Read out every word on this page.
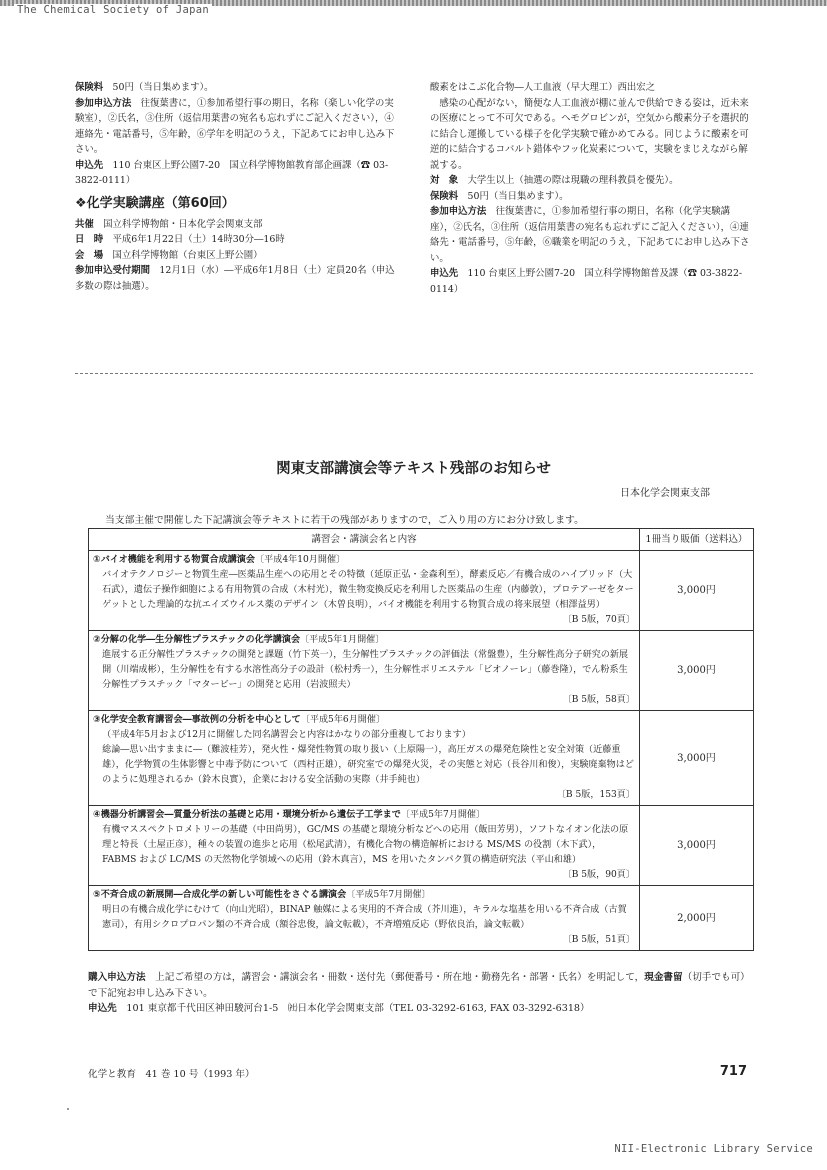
The Chemical Society of Japan

保険料　 50円（当日集めます）。

参加申込方法　 往復葉書に，①参加希望行事の期日，名称（楽しい化学の実験室），②氏名，③住所（返信用葉書の宛名も忘れずにご記入ください），④連絡先・電話番号，⑤年齢，⑥学年を明記のうえ，下記あてにお申し込み下さい。

申込先　 110 台東区上野公園7-20　国立科学博物館教育部企画課（☎ 03-3822-0111）

❖化学実験講座（第60回）

共催　 国立科学博物館・日本化学会関東支部

日　時　 平成6年1月22日（土）14時30分―16時

会　場　 国立科学博物館（台東区上野公園）

参加申込受付期間　 12月1日（水）―平成6年1月8日（土）定員20名（申込多数の際は抽選）。

酸素をはこぶ化合物―人工血液（早大理工）西出宏之

感染の心配がない，簡便な人工血液が棚に並んで供給できる姿は，近未来の医療にとって不可欠である。ヘモグロビンが，空気から酸素分子を選択的に結合し運搬している様子を化学実験で確かめてみる。同じように酸素を可逆的に結合するコバルト錯体やフッ化炭素について，実験をまじえながら解説する。

対　象　 大学生以上（抽選の際は現職の理科教員を優先）。

保険料　 50円（当日集めます）。

参加申込方法　 往復葉書に，①参加希望行事の期日，名称（化学実験講座），②氏名，③住所（返信用葉書の宛名も忘れずにご記入ください），④連絡先・電話番号，⑤年齢，⑥職業を明記のうえ，下記あてにお申し込み下さい。

申込先　 110 台東区上野公園7-20　国立科学博物館普及課（☎ 03-3822-0114）

関東支部講演会等テキスト残部のお知らせ
日本化学会関東支部
当支部主催で開催した下記講演会等テキストに若干の残部がありますので，ご入り用の方にお分け致します。
講習会・講演会名と内容	1冊当り販価（送料込）

①バイオ機能を利用する物質合成講演会〔平成4年10月開催〕
バイオテクノロジーと物質生産―医薬品生産への応用とその特徴（延原正弘・金森利至），酵素反応／有機合成のハイブリッド（大石武），遺伝子操作細胞による有用物質の合成（木村光），微生物変換反応を利用した医薬品の生産（内藤敦），プロテアーゼをターゲットとした理論的な抗エイズウイルス薬のデザイン（木曽良明），バイオ機能を利用する物質合成の将来展望（相澤益男）
〔B 5版，70頁〕	3,000円

②分解の化学―生分解性プラスチックの化学講演会〔平成5年1月開催〕
進展する正分解性プラスチックの開発と課題（竹下英一），生分解性プラスチックの評価法（常盤豊），生分解性高分子研究の新展開（川端成彬），生分解性を有する水溶性高分子の設計（松村秀一），生分解性ポリエステル「ビオノーレ」（藤巻隆），でん粉系生分解性プラスチック「マタービー」の開発と応用（岩波照夫）
〔B 5版，58頁〕	3,000円

③化学安全教育講習会―事故例の分析を中心として〔平成5年6月開催〕
（平成4年5月および12月に開催した同名講習会と内容はかなりの部分重複しております）
総論―思い出すままに―（難波桂芳），発火性・爆発性物質の取り扱い（上原陽一），高圧ガスの爆発危険性と安全対策（近藤重雄），化学物質の生体影響と中毒予防について（西村正雄），研究室での爆発火災，その実態と対応（長谷川和俊），実験廃棄物はどのように処理されるか（鈴木良實），企業における安全活動の実際（井手純也）
〔B 5版，153頁〕	3,000円

④機器分析講習会―質量分析法の基礎と応用・環境分析から遺伝子工学まで〔平成5年7月開催〕
有機マススペクトロメトリーの基礎（中田尚男），GC/MS の基礎と環境分析などへの応用（飯田芳男），ソフトなイオン化法の原理と特長（土屋正彦），種々の装置の進歩と応用（松尾武清），有機化合物の構造解析における MS/MS の役割（木下武），FABMS および LC/MS の天然物化学領域への応用（鈴木真言），MS を用いたタンパク質の構造研究法（平山和雄）
〔B 5版，90頁〕	3,000円

⑤不斉合成の新展開―合成化学の新しい可能性をさぐる講演会〔平成5年7月開催〕
明日の有機合成化学にむけて（向山光昭），BINAP 触媒による実用的不斉合成（芥川進），キラルな塩基を用いる不斉合成（古賀憲司），有用シクロプロパン類の不斉合成（額谷忠俊，論文転載），不斉増殖反応（野依良治，論文転載）
〔B 5版，51頁〕	2,000円

購入申込方法　 上記ご希望の方は，講習会・講演会名・冊数・送付先（郵便番号・所在地・勤務先名・部署・氏名）を明記して，現金書留（切手でも可）で下記宛お申し込み下さい。

申込先　 101 東京都千代田区神田駿河台1-5　㈳日本化学会関東支部（TEL 03-3292-6163, FAX 03-3292-6318）

化学と教育　41 巻 10 号（1993 年）	717
NII-Electronic Library Service
